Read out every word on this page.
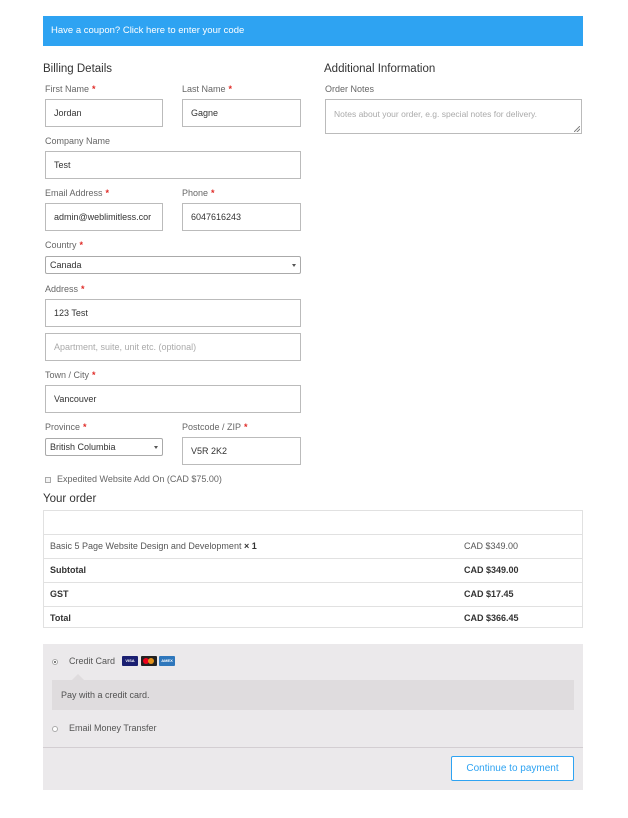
Have a coupon? Click here to enter your code
Billing Details
First Name *
Jordan
Last Name *
Gagne
Company Name
Test
Email Address *
admin@weblimitless.cor
Phone *
6047616243
Country *
Canada
Address *
123 Test
Apartment, suite, unit etc. (optional)
Town / City *
Vancouver
Province *
British Columbia
Postcode / ZIP *
V5R 2K2
Expedited Website Add On (CAD $75.00)
Additional Information
Order Notes
Notes about your order, e.g. special notes for delivery.
Your order
Basic 5 Page Website Design and Development × 1	CAD $349.00
Subtotal	CAD $349.00
GST	CAD $17.45
Total	CAD $366.45
Credit Card	VISA	AMEX
Pay with a credit card.
Email Money Transfer
Continue to payment
